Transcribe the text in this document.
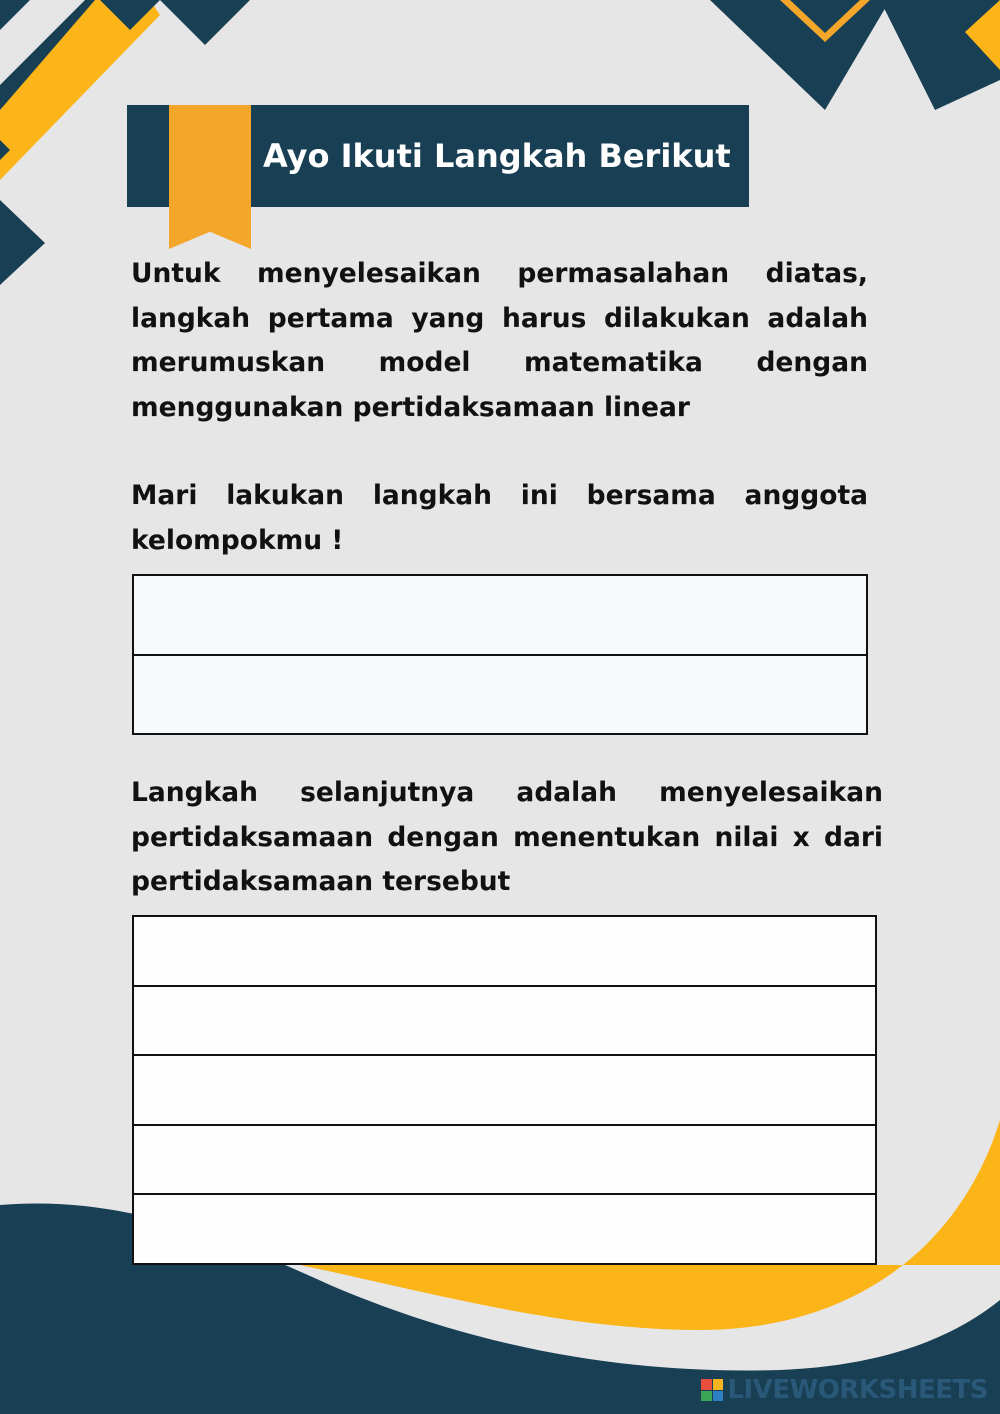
Ayo Ikuti Langkah Berikut

Untuk menyelesaikan permasalahan diatas, langkah pertama yang harus dilakukan adalah merumuskan model matematika dengan menggunakan pertidaksamaan linear

Mari lakukan langkah ini bersama anggota kelompokmu !

Langkah selanjutnya adalah menyelesaikan pertidaksamaan dengan menentukan nilai x dari pertidaksamaan tersebut

LIVEWORKSHEETS
